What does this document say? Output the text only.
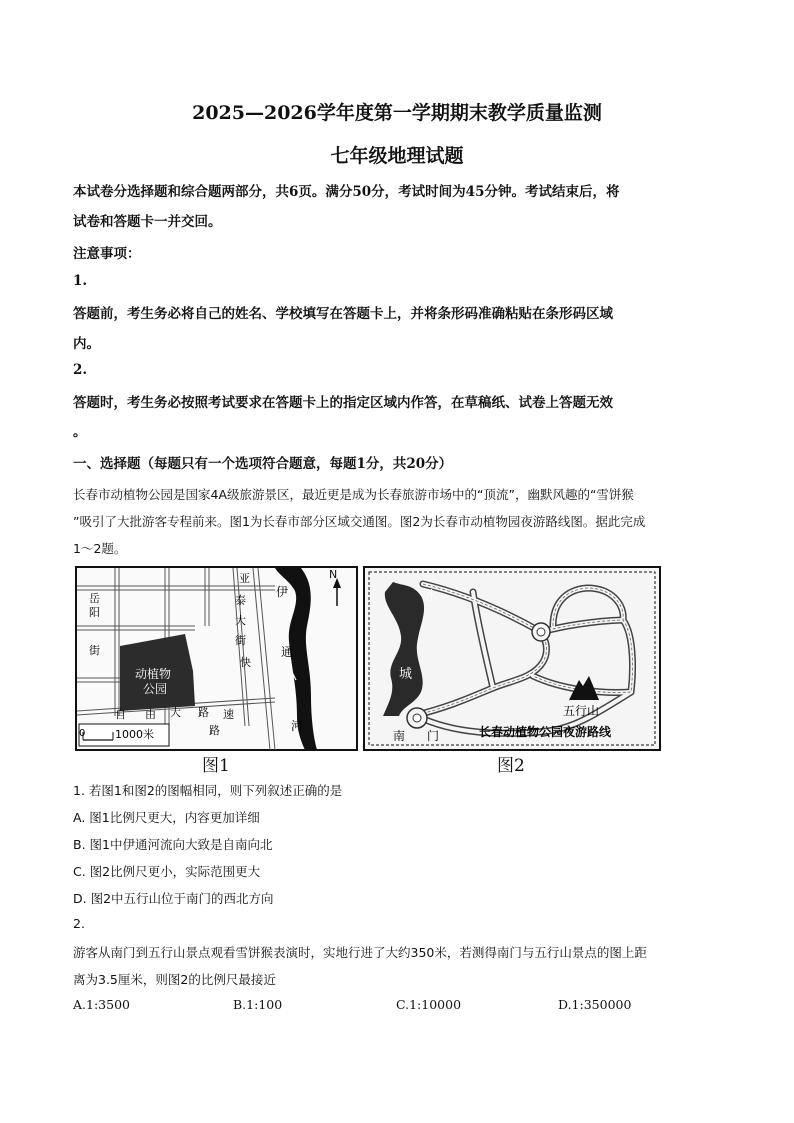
2025—2026学年度第一学期期末教学质量监测
七年级地理试题
本试卷分选择题和综合题两部分，共6页。满分50分，考试时间为45分钟。考试结束后，将
试卷和答题卡一并交回。
注意事项：
1.
答题前，考生务必将自己的姓名、学校填写在答题卡上，并将条形码准确粘贴在条形码区域
内。
2.
答题时，考生务必按照考试要求在答题卡上的指定区域内作答，在草稿纸、试卷上答题无效
。
一、选择题（每题只有一个选项符合题意，每题1分，共20分）
长春市动植物公园是国家4A级旅游景区，最近更是成为长春旅游市场中的“顶流”，幽默风趣的“雪饼猴
”吸引了大批游客专程前来。图1为长春市部分区域交通图。图2为长春市动植物园夜游路线图。据此完成
1～2题。
N
岳
阳
街
动植物
公园
亚
泰
大
街
快
速
路
伊
通
河
自 由 大 路
0	1000米
图1
水
城
南 门
五行山
长春动植物公园夜游路线
图2
1. 若图1和图2的图幅相同，则下列叙述正确的是
A. 图1比例尺更大，内容更加详细
B. 图1中伊通河流向大致是自南向北
C. 图2比例尺更小，实际范围更大
D. 图2中五行山位于南门的西北方向
2.
游客从南门到五行山景点观看雪饼猴表演时，实地行进了大约350米，若测得南门与五行山景点的图上距
离为3.5厘米，则图2的比例尺最接近
A.1:3500	B.1:100	C.1:10000	D.1:350000
